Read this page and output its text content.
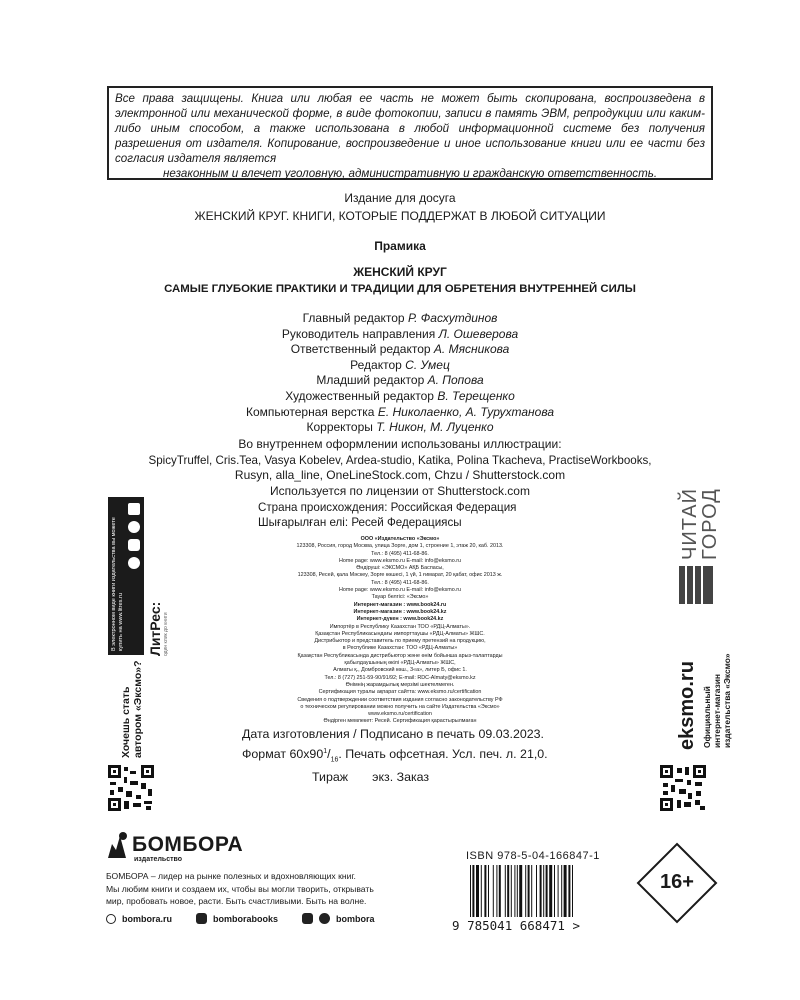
Все права защищены. Книга или любая ее часть не может быть скопирована, воспроизведена в электронной или механической форме, в виде фотокопии, записи в память ЭВМ, репродукции или каким-либо иным способом, а также использована в любой информационной системе без получения разрешения от издателя. Копирование, воспроизведение и иное использование книги или ее части без согласия издателя является
незаконным и влечет уголовную, административную и гражданскую ответственность.
Издание для досуга
ЖЕНСКИЙ КРУГ. КНИГИ, КОТОРЫЕ ПОДДЕРЖАТ В ЛЮБОЙ СИТУАЦИИ
Прамика
ЖЕНСКИЙ КРУГ
САМЫЕ ГЛУБОКИЕ ПРАКТИКИ И ТРАДИЦИИ ДЛЯ ОБРЕТЕНИЯ ВНУТРЕННЕЙ СИЛЫ
Главный редактор Р. Фасхутдинов
Руководитель направления Л. Ошеверова
Ответственный редактор А. Мясникова
Редактор С. Умец
Младший редактор А. Попова
Художественный редактор В. Терещенко
Компьютерная верстка Е. Николаенко, А. Турухтанова
Корректоры Т. Никон, М. Луценко
Во внутреннем оформлении использованы иллюстрации:
SpicyTruffel, Cris.Tea, Vasya Kobelev, Ardea-studio, Katika, Polina Tkacheva, PractiseWorkbooks,
Rusyn, alla_line, OneLineStock.com, Chzu / Shutterstock.com
Используется по лицензии от Shutterstock.com
Страна происхождения: Российская Федерация
Шығарылған елі: Ресей Федерациясы
ООО «Издательство «Эксмо»
123308, Россия, город Москва, улица Зорге, дом 1, строение 1, этаж 20, каб. 2013.
Тел.: 8 (495) 411-68-86.
Home page: www.eksmo.ru E-mail: info@eksmo.ru
Өндіруші: «ЭКСМО» АҚБ Баспасы,
123308, Ресей, қала Мәскеу, Зорге көшесі, 1 үй, 1 ғимарат, 20 қабат, офис 2013 ж.
Тел.: 8 (495) 411-68-86.
Home page: www.eksmo.ru E-mail: info@eksmo.ru
Тауар белгісі: «Эксмо»
Интернет-магазин : www.book24.ru
Интернет-магазин : www.book24.kz
Интернет-дүкен : www.book24.kz
Импортёр в Республику Казахстан ТОО «РДЦ-Алматы».
Қазақстан Республикасындағы импорттаушы «РДЦ-Алматы» ЖШС.
Дистрибьютор и представитель по приему претензий на продукцию,
в Республике Казахстан: ТОО «РДЦ-Алматы»
Қазақстан Республикасында дистрибьютор және өнім бойынша арыз-талаптарды
қабылдаушының өкілі «РДЦ-Алматы» ЖШС,
Алматы қ., Домбровский көш., 3«а», литер Б, офис 1.
Тел.: 8 (727) 251-59-90/91/92; E-mail: RDC-Almaty@eksmo.kz
Өнімнің жарамдылық мерзімі шектелмеген.
Сертификация туралы ақпарат сайтта: www.eksmo.ru/certification
Сведения о подтверждении соответствия издания согласно законодательству РФ
о техническом регулировании можно получить на сайте Издательства «Эксмо»
www.eksmo.ru/certification
Өндірген мемлекет: Ресей. Сертификация қарастырылмаған
Дата изготовления / Подписано в печать 09.03.2023.
Формат $60x90^1/_{16}$. Печать офсетная. Усл. печ. л. 21,0.
Тираж экз. Заказ
В электронном виде книги издательства вы можете купить на www.litres.ru ЛитРес: один клик до книги
Хочешь стать автором «Эксмо»?
ЧИТАЙ
ГОРОД
eksmo.ru Официальный интернет-магазин издательства «Эксмо»
БОМБОРА
издательство
БОМБОРА – лидер на рынке полезных и вдохновляющих книг.
Мы любим книги и создаем их, чтобы вы могли творить, открывать
мир, пробовать новое, расти. Быть счастливыми. Быть на волне.
bombora.ru	bomborabooks	bombora
ISBN 978-5-04-166847-1
9 785041 668471 >
16+
